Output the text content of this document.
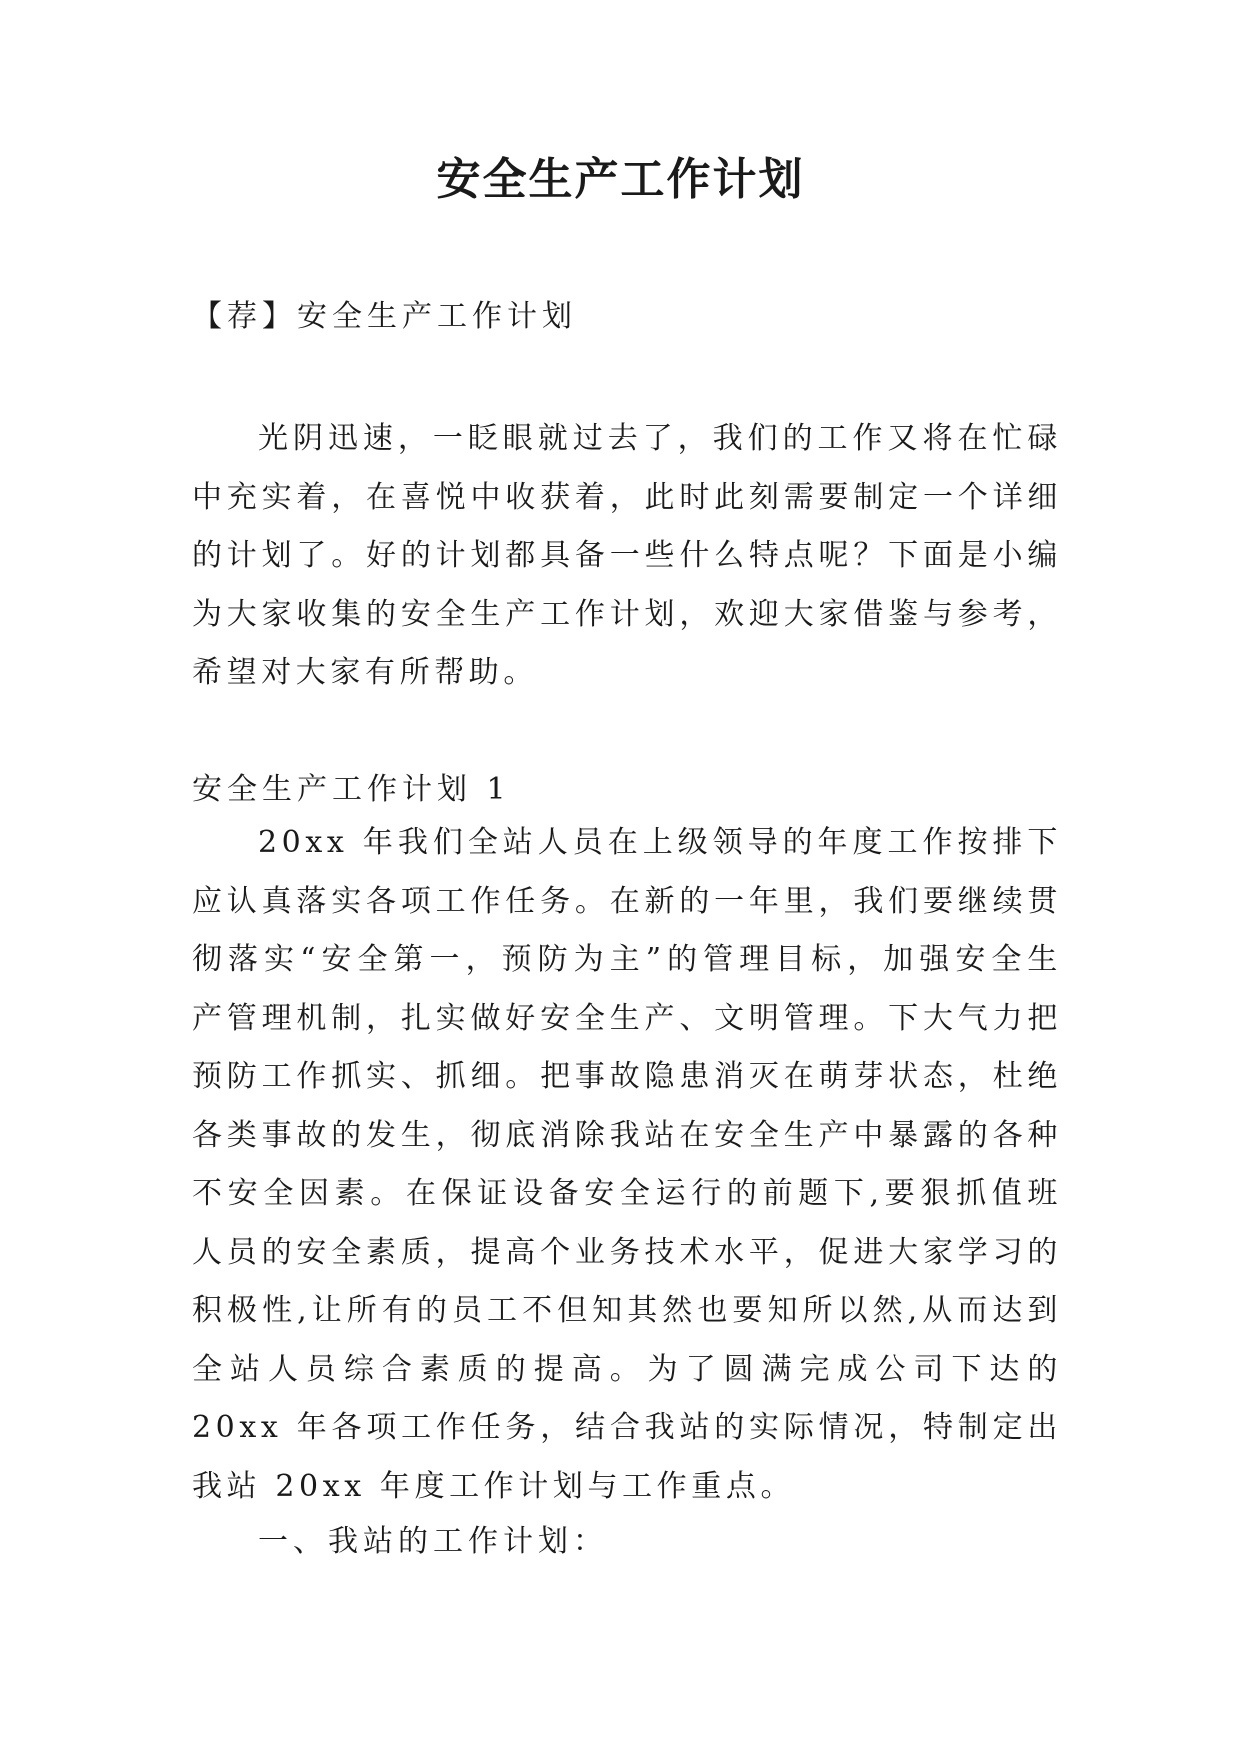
安全生产工作计划

【荐】安全生产工作计划

光阴迅速，一眨眼就过去了，我们的工作又将在忙碌中充实着，在喜悦中收获着，此时此刻需要制定一个详细的计划了。好的计划都具备一些什么特点呢？下面是小编为大家收集的安全生产工作计划，欢迎大家借鉴与参考，希望对大家有所帮助。

安全生产工作计划 1

20xx 年我们全站人员在上级领导的年度工作按排下应认真落实各项工作任务。在新的一年里，我们要继续贯彻落实“安全第一，预防为主”的管理目标，加强安全生产管理机制，扎实做好安全生产、文明管理。下大气力把预防工作抓实、抓细。把事故隐患消灭在萌芽状态，杜绝各类事故的发生，彻底消除我站在安全生产中暴露的各种不安全因素。在保证设备安全运行的前题下,要狠抓值班人员的安全素质，提高个业务技术水平，促进大家学习的积极性,让所有的员工不但知其然也要知所以然,从而达到全站人员综合素质的提高。为了圆满完成公司下达的 20xx 年各项工作任务，结合我站的实际情况，特制定出我站 20xx 年度工作计划与工作重点。

一、我站的工作计划：
